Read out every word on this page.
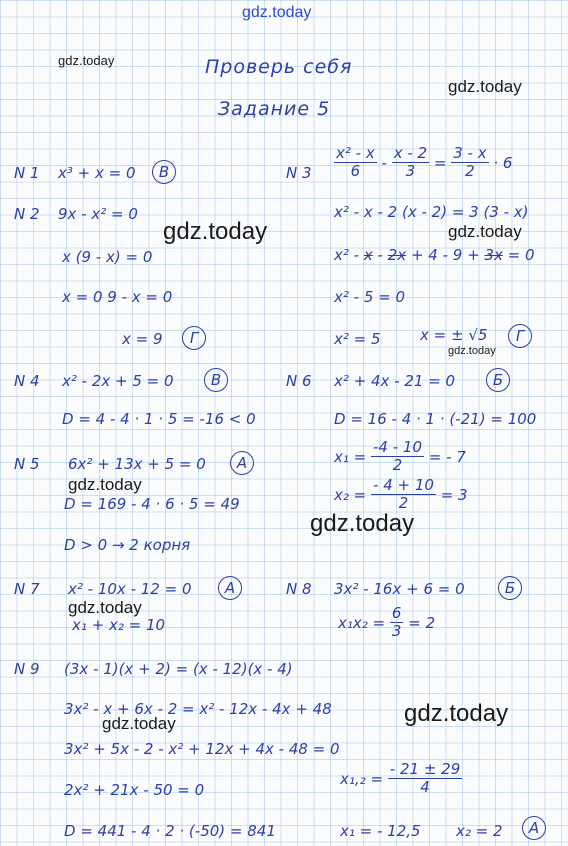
gdz.today
gdz.today
gdz.today
gdz.today	gdz.today
gdz.today
gdz.today
gdz.today
gdz.today
gdz.today
gdz.today
Проверь себя
Задание 5
N 1 x³ + x = 0	В	N $3 \frac{\text{x² - x}}{6} - \frac{x - 2}{3} = \frac{3 - x}{2} \cdot 6$
x² - x - 2 (x - 2) = 3 (3 - x)
x² - x - 2x + 4 - 9 + 3x = 0
x² - 5 = 0
x² = 5	x = ± √5	Г
N 2 9x - x² = 0
x (9 - x) = 0
x = 0 9 - x = 0
x = 9	Г
N 4 x² - 2x + 5 = 0	В
D = 4 - 4 · 1 · 5 = -16 < 0
N 6 x² + 4x - 21 = 0	Б
D = 16 - 4 · 1 · (-21) = 100
$x_1 = \frac{-4 - 10}{2}$ = - 7
$x_2 = \frac{- 4 + 10}{2} = 3$
N 5 6x² + 13x + 5 = 0	А
D = 169 - 4 · 6 · 5 = 49
D > 0 → 2 корня
N 7 x² - 10x - 12 = 0	А
x₁ + x₂ = 10
N 8 3x² - 16x + 6 = 0	Б
$x_1x_2 = \frac{6}{3} = 2$
N 9 (3x - 1)(x + 2) = (x - 12)(x - 4)
3x² - x + 6x - 2 = x² - 12x - 4x + 48
3x² + 5x - 2 - x² + 12x + 4x - 48 = 0
2x² + 21x - 50 = 0
D = 441 - 4 · 2 · (-50) = 841
$x_1,_2 = \frac{- 21 \pm 29}{4}$
x₁ = - 12,5 x₂ = 2	А
